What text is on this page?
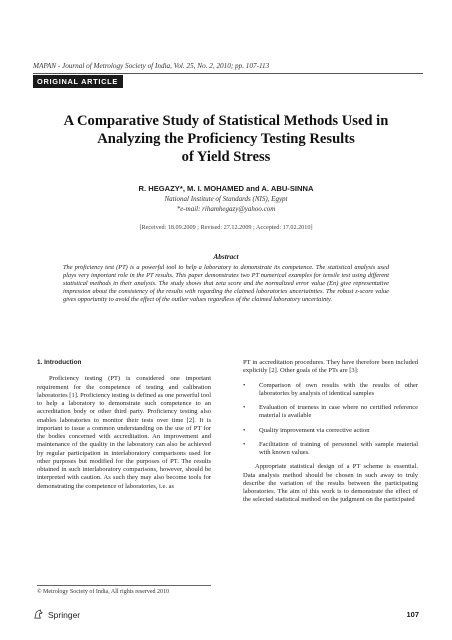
MAPAN - Journal of Metrology Society of India, Vol. 25, No. 2, 2010; pp. 107-113
ORIGINAL ARTICLE
A Comparative Study of Statistical Methods Used in
Analyzing the Proficiency Testing Results
of Yield Stress
R. HEGAZY*, M. I. MOHAMED and A. ABU-SINNA
National Institute of Standards (NIS), Egypt
*e-mail: rihamhegazy@yahoo.com
[Received: 18.09.2009 ; Revised: 27.12.2009 ; Accepted: 17.02.2010]
Abstract
The proficiency test (PT) is a powerful tool to help a laboratory to demonstrate its competence. The statistical analysis used plays very important role in the PT results. This paper demonstrates two PT numerical examples for tensile test using different statistical methods in their analysis. The study shows that zeta score and the normalized error value (En) give representative impression about the consistency of the results with regarding the claimed laboratories uncertainties. The robust z-score value gives opportunity to avoid the effect of the outlier values regardless of the claimed laboratory uncertainty.
1. Introduction

Proficiency testing (PT) is considered one important requirement for the competence of testing and calibration laboratories [1]. Proficiency testing is defined as one powerful tool to help a laboratory to demonstrate such competence to an accreditation body or other third party. Proficiency testing also enables laboratories to monitor their tests over time [2]. It is important to issue a common understanding on the use of PT for the bodies concerned with accreditation. An improvement and maintenance of the quality in the laboratory can also be achieved by regular participation in interlaboratory comparisons used for other purposes but modified for the purposes of PT. The results obtained in such interlaboratory comparisons, however, should be interpreted with caution. As such they may also become tools for demonstrating the competence of laboratories, i.e. as

PT in accreditation procedures. They have therefore been included explicitly [2]. Other goals of the PTs are [3]:

• Comparison of own results with the results of other laboratories by analysis of identical samples
• Evaluation of trueness in case where no certified reference material is available
• Quality improvement via corrective action
• Facilitation of training of personnel with sample material with known values.

Appropriate statistical design of a PT scheme is essential. Data analysis method should be chosen in such away to truly describe the variation of the results between the participating laboratories. The aim of this work is to demonstrate the effect of the selected statistical method on the judgment on the participated

© Metrology Society of India, All rights reserved 2010
Springer	107
